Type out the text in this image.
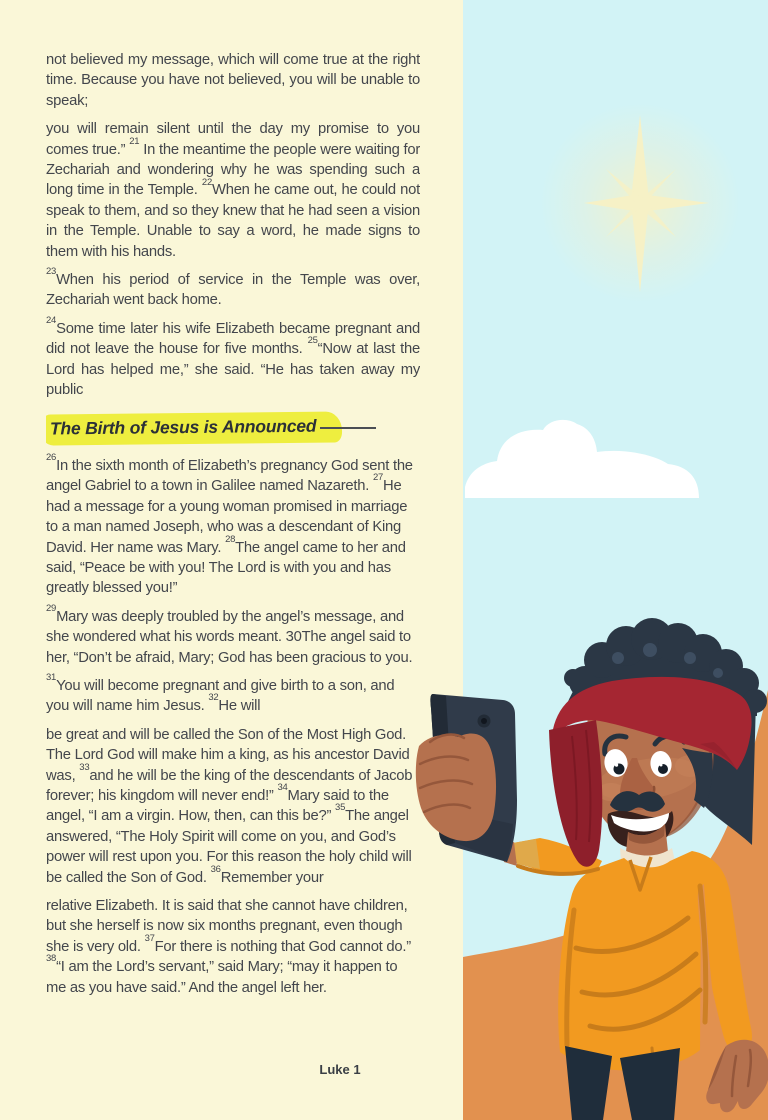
not believed my message, which will come true at the right time. Because you have not believed, you will be unable to speak;

you will remain silent until the day my promise to you comes true.” $^{21}$ In the meantime the people were waiting for Zechariah and wondering why he was spending such a long time in the Temple. $^{22}$When he came out, he could not speak to them, and so they knew that he had seen a vision in the Temple. Unable to say a word, he made signs to them with his hands.

$^{23}$When his period of service in the Temple was over, Zechariah went back home.

$^{24}$Some time later his wife Elizabeth became pregnant and did not leave the house for five months. $^{25}$“Now at last the Lord has helped me,” she said. “He has taken away my public

The Birth of Jesus is Announced

$^{26}$In the sixth month of Elizabeth’s pregnancy God sent the angel Gabriel to a town in Galilee named Nazareth. $^{27}$He had a message for a young woman promised in marriage to a man named Joseph, who was a descendant of King David. Her name was Mary. $^{28}$The angel came to her and said, “Peace be with you! The Lord is with you and has greatly blessed you!”

$^{29}$Mary was deeply troubled by the angel’s message, and she wondered what his words meant. 30The angel said to her, “Don’t be afraid, Mary; God has been gracious to you.

$^{31}$You will become pregnant and give birth to a son, and you will name him Jesus. $^{32}$He will

be great and will be called the Son of the Most High God. The Lord God will make him a king, as his ancestor David was, $^{33}$and he will be the king of the descendants of Jacob forever; his kingdom will never end!” $^{34}$Mary said to the angel, “I am a virgin. How, then, can this be?” $^{35}$The angel answered, “The Holy Spirit will come on you, and God’s power will rest upon you. For this reason the holy child will be called the Son of God. $^{36}$Remember your

relative Elizabeth. It is said that she cannot have children, but she herself is now six months pregnant, even though she is very old. $^{37}$For there is nothing that God cannot do.” $^{38}$“I am the Lord’s servant,” said Mary; “may it happen to me as you have said.” And the angel left her.

Luke 1
